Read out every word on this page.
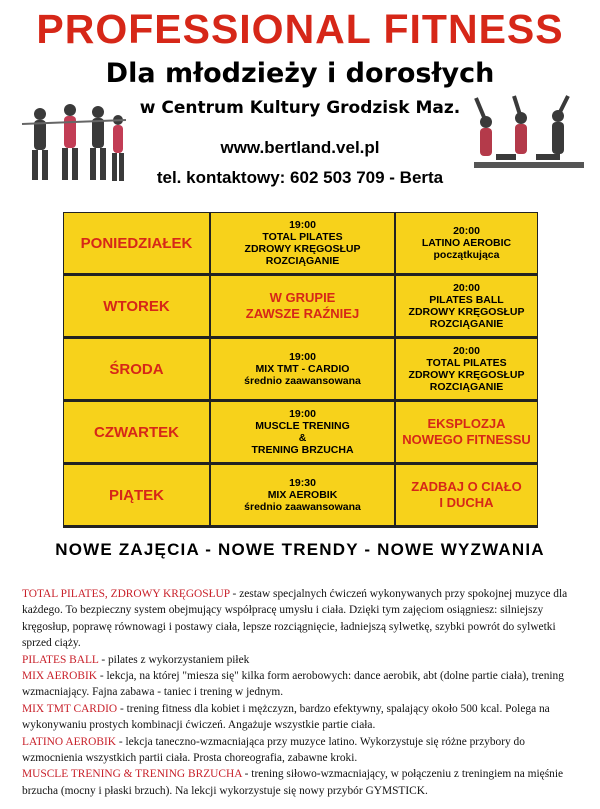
PROFESSIONAL FITNESS
Dla młodzieży i dorosłych
w Centrum Kultury Grodzisk Maz.
www.bertland.vel.pl
tel. kontaktowy: 602 503 709 - Berta
PONIEDZIAŁEK
19:00
TOTAL PILATES
ZDROWY KRĘGOSŁUP
ROZCIĄGANIE
20:00
LATINO AEROBIC
początkująca
WTOREK	W GRUPIE
ZAWSZE RAŹNIEJ
20:00
PILATES BALL
ZDROWY KRĘGOSŁUP
ROZCIĄGANIE
ŚRODA
19:00
MIX TMT - CARDIO
średnio zaawansowana
20:00
TOTAL PILATES
ZDROWY KRĘGOSŁUP
ROZCIĄGANIE
CZWARTEK
19:00
MUSCLE TRENING
&
TRENING BRZUCHA
EKSPLOZJA
NOWEGO FITNESSU
PIĄTEK
19:30
MIX AEROBIK
średnio zaawansowana
ZADBAJ O CIAŁO
I DUCHA
NOWE ZAJĘCIA - NOWE TRENDY - NOWE WYZWANIA

TOTAL PILATES, ZDROWY KRĘGOSŁUP - zestaw specjalnych ćwiczeń wykonywanych przy spokojnej muzyce dla każdego. To bezpieczny system obejmujący współpracę umysłu i ciała. Dzięki tym zajęciom osiągniesz: silniejszy kręgosłup, poprawę równowagi i postawy ciała, lepsze rozciągnięcie, ładniejszą sylwetkę, szybki powrót do sylwetki sprzed ciąży.

PILATES BALL - pilates z wykorzystaniem piłek

MIX AEROBIK - lekcja, na której "miesza się" kilka form aerobowych: dance aerobik, abt (dolne partie ciała), trening wzmacniający. Fajna zabawa - taniec i trening w jednym.

MIX TMT CARDIO - trening fitness dla kobiet i mężczyzn, bardzo efektywny, spalający około 500 kcal. Polega na wykonywaniu prostych kombinacji ćwiczeń. Angażuje wszystkie partie ciała.

LATINO AEROBIK - lekcja taneczno-wzmacniająca przy muzyce latino. Wykorzystuje się różne przybory do wzmocnienia wszystkich partii ciała. Prosta choreografia, zabawne kroki.

MUSCLE TRENING & TRENING BRZUCHA - trening siłowo-wzmacniający, w połączeniu z treningiem na mięśnie brzucha (mocny i płaski brzuch). Na lekcji wykorzystuje się nowy przybór GYMSTICK.
